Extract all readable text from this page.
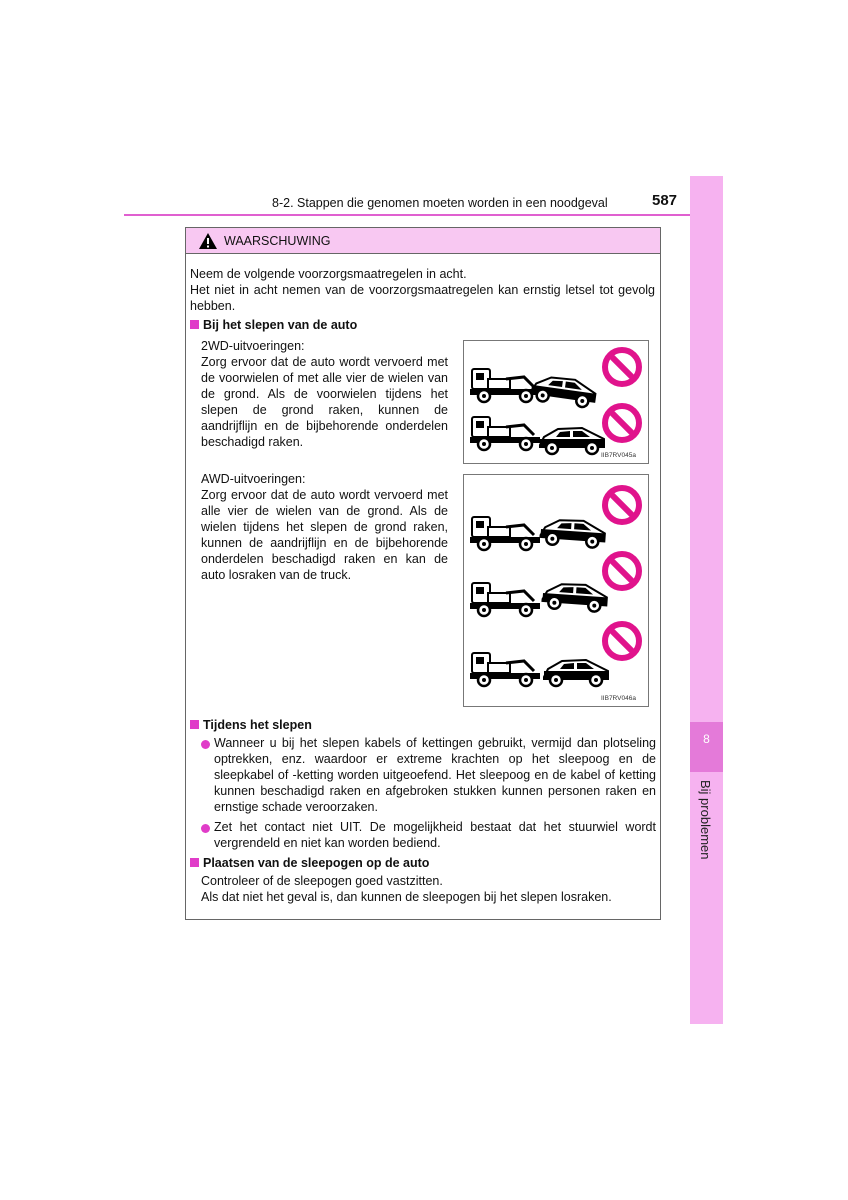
8
Bij problemen
8-2. Stappen die genomen moeten worden in een noodgeval	587
WAARSCHUWING
Neem de volgende voorzorgsmaatregelen in acht.
Het niet in acht nemen van de voorzorgsmaatregelen kan ernstig letsel tot gevolg hebben.
Bij het slepen van de auto
2WD-uitvoeringen:
Zorg ervoor dat de auto wordt vervoerd met de voorwielen of met alle vier de wielen van de grond. Als de voorwielen tijdens het slepen de grond raken, kunnen de aandrijflijn en de bijbehorende onderdelen beschadigd raken.
IIB7RV045a
AWD-uitvoeringen:
Zorg ervoor dat de auto wordt vervoerd met alle vier de wielen van de grond. Als de wielen tijdens het slepen de grond raken, kunnen de aandrijflijn en de bijbehorende onderdelen beschadigd raken en kan de auto losraken van de truck.
IIB7RV046a
Tijdens het slepen
Wanneer u bij het slepen kabels of kettingen gebruikt, vermijd dan plotseling optrekken, enz. waardoor er extreme krachten op het sleepoog en de sleepkabel of -ketting worden uitgeoefend. Het sleepoog en de kabel of ketting kunnen beschadigd raken en afgebroken stukken kunnen personen raken en ernstige schade veroorzaken.
Zet het contact niet UIT. De mogelijkheid bestaat dat het stuurwiel wordt vergrendeld en niet kan worden bediend.
Plaatsen van de sleepogen op de auto
Controleer of de sleepogen goed vastzitten.
Als dat niet het geval is, dan kunnen de sleepogen bij het slepen losraken.
